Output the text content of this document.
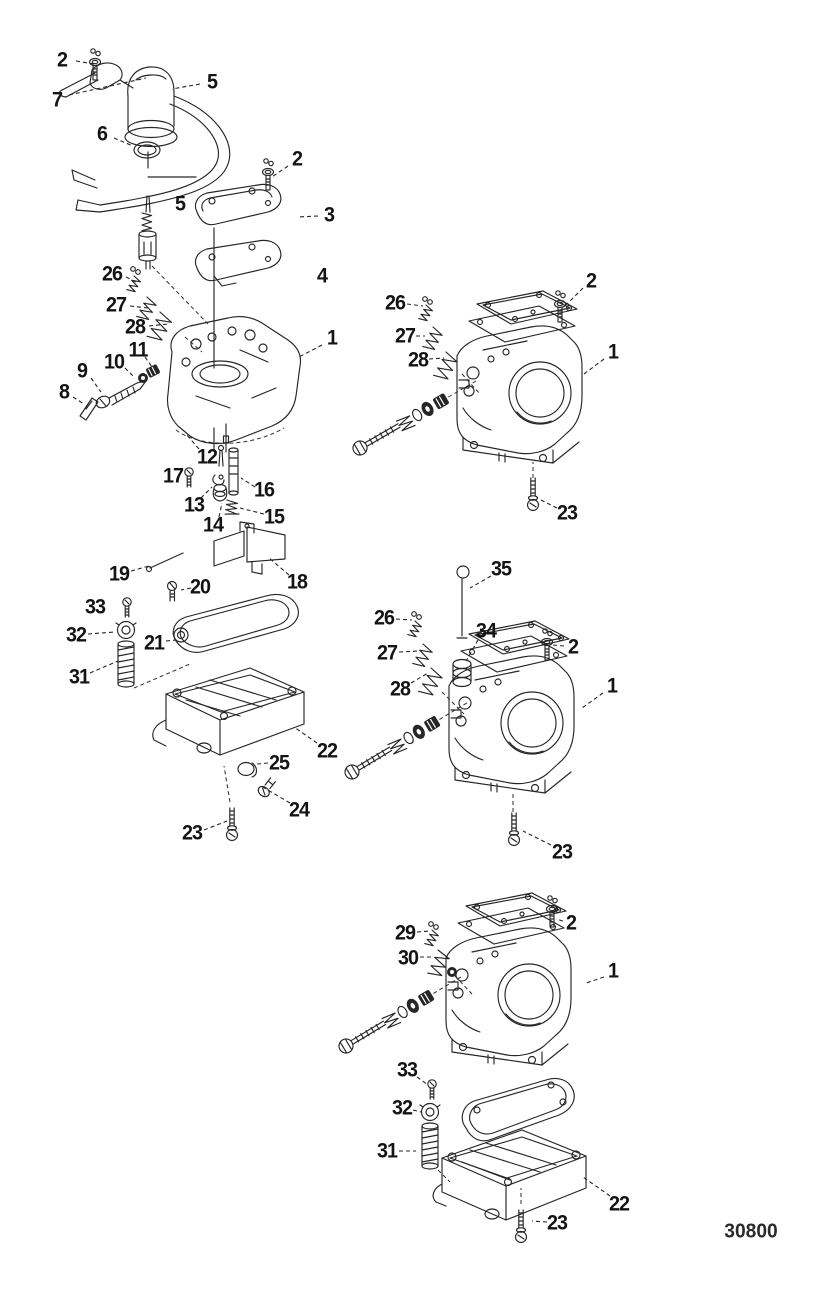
2
7
5
6
2
5	3
4
26
27
28
11
10
9
8
1
12
17
13
14
16
15
19
20	18
33
32	21
31
22
25
24
23
2
26
27
28	1
23
35
26
34
27	2
28	1
23
29
30
2
1
33
32
31
22
23	30800
